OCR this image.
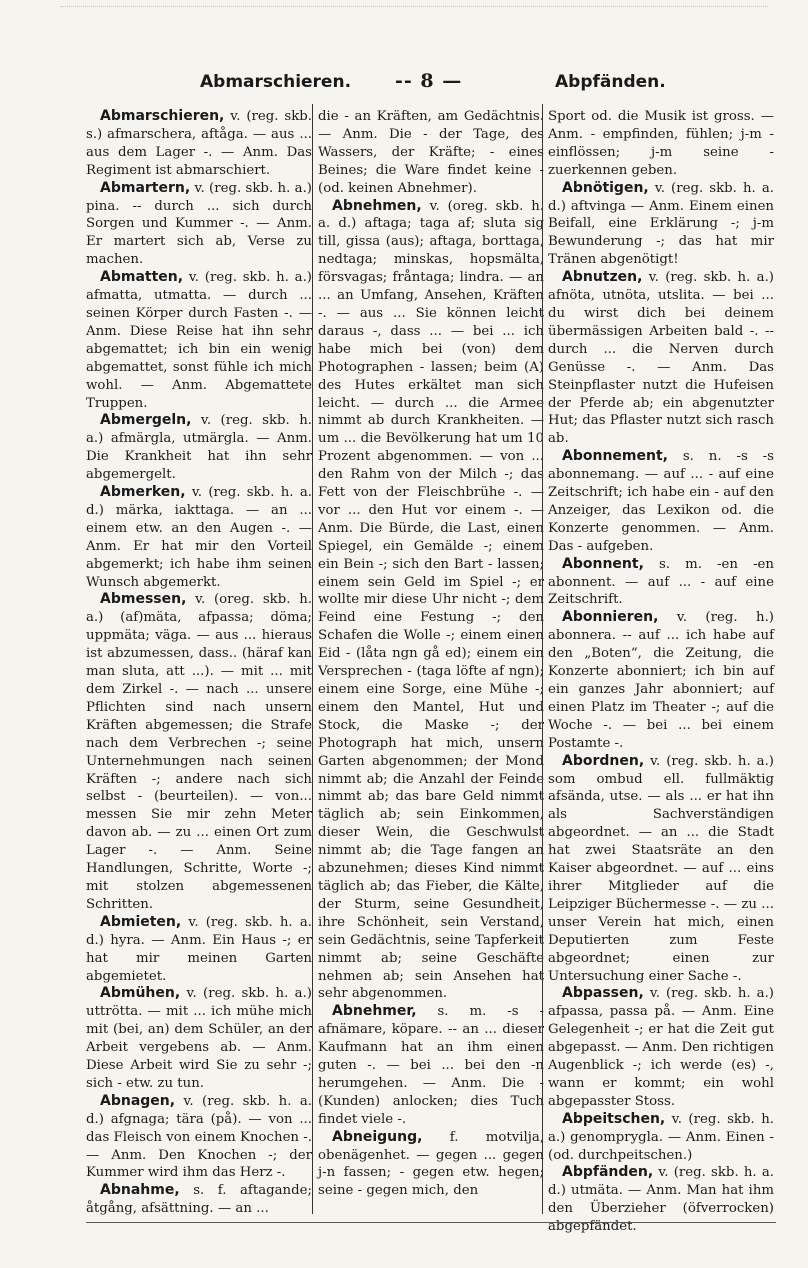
Abmarschieren. -- 8 —	Abpfänden.

Abmarschieren, v. (reg. skb. s.) afmarschera, aftåga. — aus ... aus dem Lager -. — Anm. Das Regiment ist abmarschiert.

Abmartern, v. (reg. skb. h. a.) pina. -- durch ... sich durch Sorgen und Kummer -. — Anm. Er martert sich ab, Verse zu machen.

Abmatten, v. (reg. skb. h. a.) afmatta, utmatta. — durch ... seinen Körper durch Fasten -. — Anm. Diese Reise hat ihn sehr abgemattet; ich bin ein wenig abgemattet, sonst fühle ich mich wohl. — Anm. Abgemattete Truppen.

Abmergeln, v. (reg. skb. h. a.) afmärgla, utmärgla. — Anm. Die Krankheit hat ihn sehr abgemergelt.

Abmerken, v. (reg. skb. h. a. d.) märka, iakttaga. — an ... einem etw. an den Augen -. — Anm. Er hat mir den Vorteil abgemerkt; ich habe ihm seinen Wunsch abgemerkt.

Abmessen, v. (oreg. skb. h. a.) (af)mäta, afpassa; döma; uppmäta; väga. — aus ... hieraus ist abzumessen, dass.. (häraf kan man sluta, att ...). — mit ... mit dem Zirkel -. — nach ... unsere Pflichten sind nach unsern Kräften abgemessen; die Strafe nach dem Verbrechen -; seine Unternehmungen nach seinen Kräften -; andere nach sich selbst - (beurteilen). — von... messen Sie mir zehn Meter davon ab. — zu ... einen Ort zum Lager -. — Anm. Seine Handlungen, Schritte, Worte -; mit stolzen abgemessenen Schritten.

Abmieten, v. (reg. skb. h. a. d.) hyra. — Anm. Ein Haus -; er hat mir meinen Garten abgemietet.

Abmühen, v. (reg. skb. h. a.) uttrötta. — mit ... ich mühe mich mit (bei, an) dem Schüler, an der Arbeit vergebens ab. — Anm. Diese Arbeit wird Sie zu sehr -; sich - etw. zu tun.

Abnagen, v. (reg. skb. h. a. d.) afgnaga; tära (på). — von ... das Fleisch von einem Knochen -. — Anm. Den Knochen -; der Kummer wird ihm das Herz -.

Abnahme, s. f. aftagande; åtgång, afsättning. — an ...

die - an Kräften, am Gedächtnis. — Anm. Die - der Tage, des Wassers, der Kräfte; - eines Beines; die Ware findet keine - (od. keinen Abnehmer).

Abnehmen, v. (oreg. skb. h. a. d.) aftaga; taga af; sluta sig till, gissa (aus); aftaga, borttaga, nedtaga; minskas, hopsmälta, försvagas; fråntaga; lindra. — an ... an Umfang, Ansehen, Kräften -. — aus ... Sie können leicht daraus -, dass ... — bei ... ich habe mich bei (von) dem Photographen - lassen; beim (A) des Hutes erkältet man sich leicht. — durch ... die Armee nimmt ab durch Krankheiten. — um ... die Bevölkerung hat um 10 Prozent abgenommen. — von ... den Rahm von der Milch -; das Fett von der Fleischbrühe -. — vor ... den Hut vor einem -. — Anm. Die Bürde, die Last, einen Spiegel, ein Gemälde -; einem ein Bein -; sich den Bart - lassen; einem sein Geld im Spiel -; er wollte mir diese Uhr nicht -; dem Feind eine Festung -; den Schafen die Wolle -; einem einen Eid - (låta ngn gå ed); einem ein Versprechen - (taga löfte af ngn); einem eine Sorge, eine Mühe -; einem den Mantel, Hut und Stock, die Maske -; der Photograph hat mich, unsern Garten abgenommen; der Mond nimmt ab; die Anzahl der Feinde nimmt ab; das bare Geld nimmt täglich ab; sein Einkommen, dieser Wein, die Geschwulst nimmt ab; die Tage fangen an abzunehmen; dieses Kind nimmt täglich ab; das Fieber, die Kälte, der Sturm, seine Gesundheit, ihre Schönheit, sein Verstand, sein Gedächtnis, seine Tapferkeit nimmt ab; seine Geschäfte nehmen ab; sein Ansehen hat sehr abgenommen.

Abnehmer, s. m. -s - afnämare, köpare. -- an ... dieser Kaufmann hat an ihm einen guten -. — bei ... bei den -n herumgehen. — Anm. Die - (Kunden) anlocken; dies Tuch findet viele -.

Abneigung, f. motvilja, obenägenhet. — gegen ... gegen j-n fassen; - gegen etw. hegen; seine - gegen mich, den

Sport od. die Musik ist gross. — Anm. - empfinden, fühlen; j-m - einflössen; j-m seine - zuerkennen geben.

Abnötigen, v. (reg. skb. h. a. d.) aftvinga — Anm. Einem einen Beifall, eine Erklärung -; j-m Bewunderung -; das hat mir Tränen abgenötigt!

Abnutzen, v. (reg. skb. h. a.) afnöta, utnöta, utslita. — bei ... du wirst dich bei deinem übermässigen Arbeiten bald -. -- durch ... die Nerven durch Genüsse -. — Anm. Das Steinpflaster nutzt die Hufeisen der Pferde ab; ein abgenutzter Hut; das Pflaster nutzt sich rasch ab.

Abonnement, s. n. -s -s abonnemang. — auf ... - auf eine Zeitschrift; ich habe ein - auf den Anzeiger, das Lexikon od. die Konzerte genommen. — Anm. Das - aufgeben.

Abonnent, s. m. -en -en abonnent. — auf ... - auf eine Zeitschrift.

Abonnieren, v. (reg. h.) abonnera. -- auf ... ich habe auf den „Boten“, die Zeitung, die Konzerte abonniert; ich bin auf ein ganzes Jahr abonniert; auf einen Platz im Theater -; auf die Woche -. — bei ... bei einem Postamte -.

Abordnen, v. (reg. skb. h. a.) som ombud ell. fullmäktig afsända, utse. — als ... er hat ihn als Sachverständigen abgeordnet. — an ... die Stadt hat zwei Staatsräte an den Kaiser abgeordnet. — auf ... eins ihrer Mitglieder auf die Leipziger Büchermesse -. — zu ... unser Verein hat mich, einen Deputierten zum Feste abgeordnet; einen zur Untersuchung einer Sache -.

Abpassen, v. (reg. skb. h. a.) afpassa, passa på. — Anm. Eine Gelegenheit -; er hat die Zeit gut abgepasst. — Anm. Den richtigen Augenblick -; ich werde (es) -, wann er kommt; ein wohl abgepasster Stoss.

Abpeitschen, v. (reg. skb. h. a.) genomprygla. — Anm. Einen - (od. durchpeitschen.)

Abpfänden, v. (reg. skb. h. a. d.) utmäta. — Anm. Man hat ihm den Überzieher (öfverrocken) abgepfändet.
